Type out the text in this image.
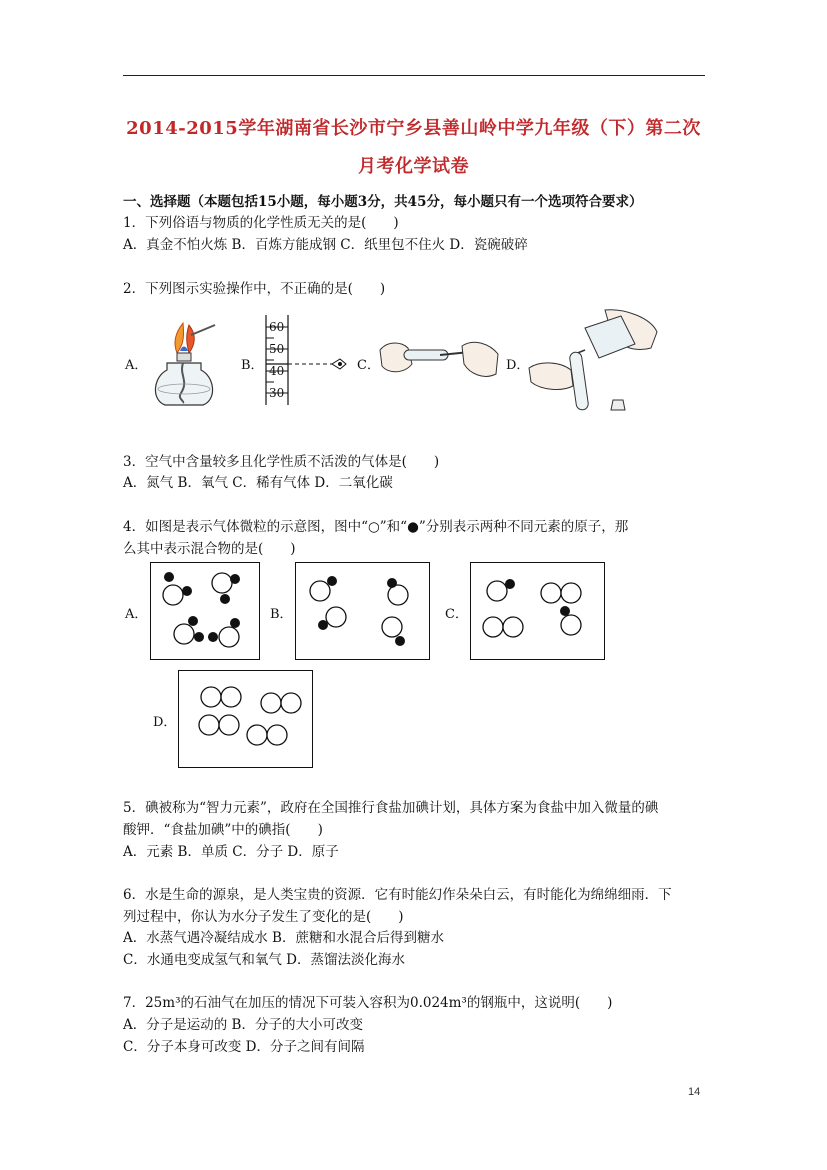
2014-2015学年湖南省长沙市宁乡县善山岭中学九年级（下）第二次
月考化学试卷
一、选择题（本题包括15小题，每小题3分，共45分，每小题只有一个选项符合要求）
1．下列俗语与物质的化学性质无关的是(　　)
A．真金不怕火炼 B．百炼方能成钢 C．纸里包不住火 D．瓷碗破碎
2．下列图示实验操作中，不正确的是(　　)
A．	B．
60
50
40
30
C．	D．
3．空气中含量较多且化学性质不活泼的气体是(　　)
A．氮气 B．氧气 C．稀有气体 D．二氧化碳
4．如图是表示气体微粒的示意图，图中“○”和“●”分别表示两种不同元素的原子，那
么其中表示混合物的是(　　)
A．	B．	C．
D．
5．碘被称为“智力元素”，政府在全国推行食盐加碘计划，具体方案为食盐中加入微量的碘
酸钾．“食盐加碘”中的碘指(　　)
A．元素 B．单质 C．分子 D．原子
6．水是生命的源泉，是人类宝贵的资源．它有时能幻作朵朵白云，有时能化为绵绵细雨．下
列过程中，你认为水分子发生了变化的是(　　)
A．水蒸气遇冷凝结成水 B．蔗糖和水混合后得到糖水
C．水通电变成氢气和氧气 D．蒸馏法淡化海水
7．25m³的石油气在加压的情况下可装入容积为0.024m³的钢瓶中，这说明(　　)
A．分子是运动的 B．分子的大小可改变
C．分子本身可改变 D．分子之间有间隔
14
